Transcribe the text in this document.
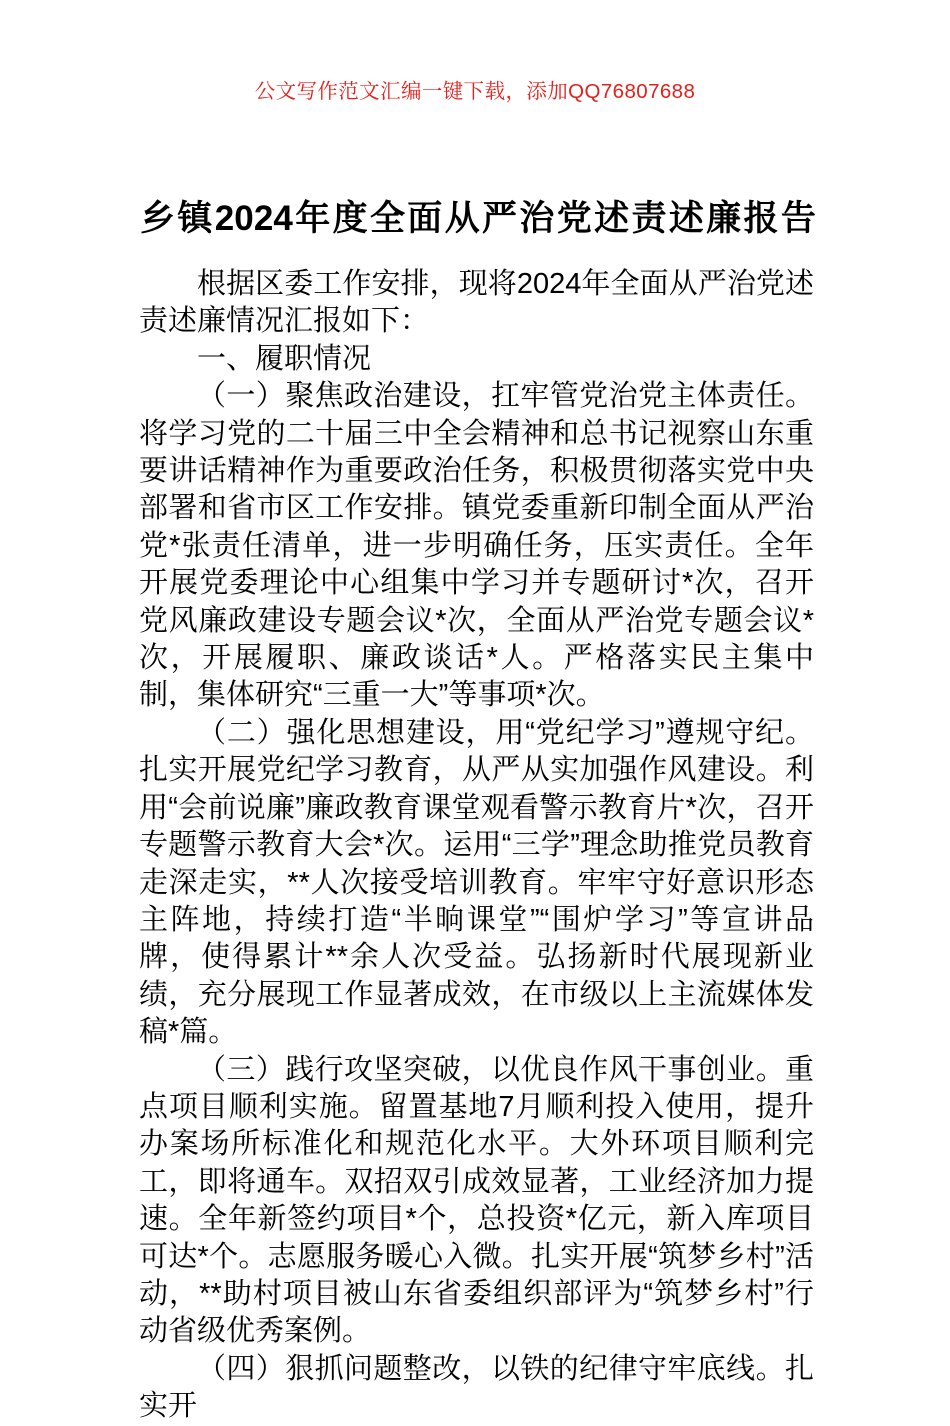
公文写作范文汇编一键下载，添加QQ76807688
乡镇2024年度全面从严治党述责述廉报告

根据区委工作安排，现将2024年全面从严治党述责述廉情况汇报如下：

一、履职情况

（一）聚焦政治建设，扛牢管党治党主体责任。将学习党的二十届三中全会精神和总书记视察山东重要讲话精神作为重要政治任务，积极贯彻落实党中央部署和省市区工作安排。镇党委重新印制全面从严治党*张责任清单，进一步明确任务，压实责任。全年开展党委理论中心组集中学习并专题研讨*次，召开党风廉政建设专题会议*次，全面从严治党专题会议*次，开展履职、廉政谈话*人。严格落实民主集中制，集体研究“三重一大”等事项*次。

（二）强化思想建设，用“党纪学习”遵规守纪。扎实开展党纪学习教育，从严从实加强作风建设。利用“会前说廉”廉政教育课堂观看警示教育片*次，召开专题警示教育大会*次。运用“三学”理念助推党员教育走深走实，**人次接受培训教育。牢牢守好意识形态主阵地，持续打造“半晌课堂”“围炉学习”等宣讲品牌，使得累计**余人次受益。弘扬新时代展现新业绩，充分展现工作显著成效，在市级以上主流媒体发稿*篇。

（三）践行攻坚突破，以优良作风干事创业。重点项目顺利实施。留置基地7月顺利投入使用，提升办案场所标准化和规范化水平。大外环项目顺利完工，即将通车。双招双引成效显著，工业经济加力提速。全年新签约项目*个，总投资*亿元，新入库项目可达*个。志愿服务暖心入微。扎实开展“筑梦乡村”活动，**助村项目被山东省委组织部评为“筑梦乡村”行动省级优秀案例。

（四）狠抓问题整改，以铁的纪律守牢底线。扎实开
